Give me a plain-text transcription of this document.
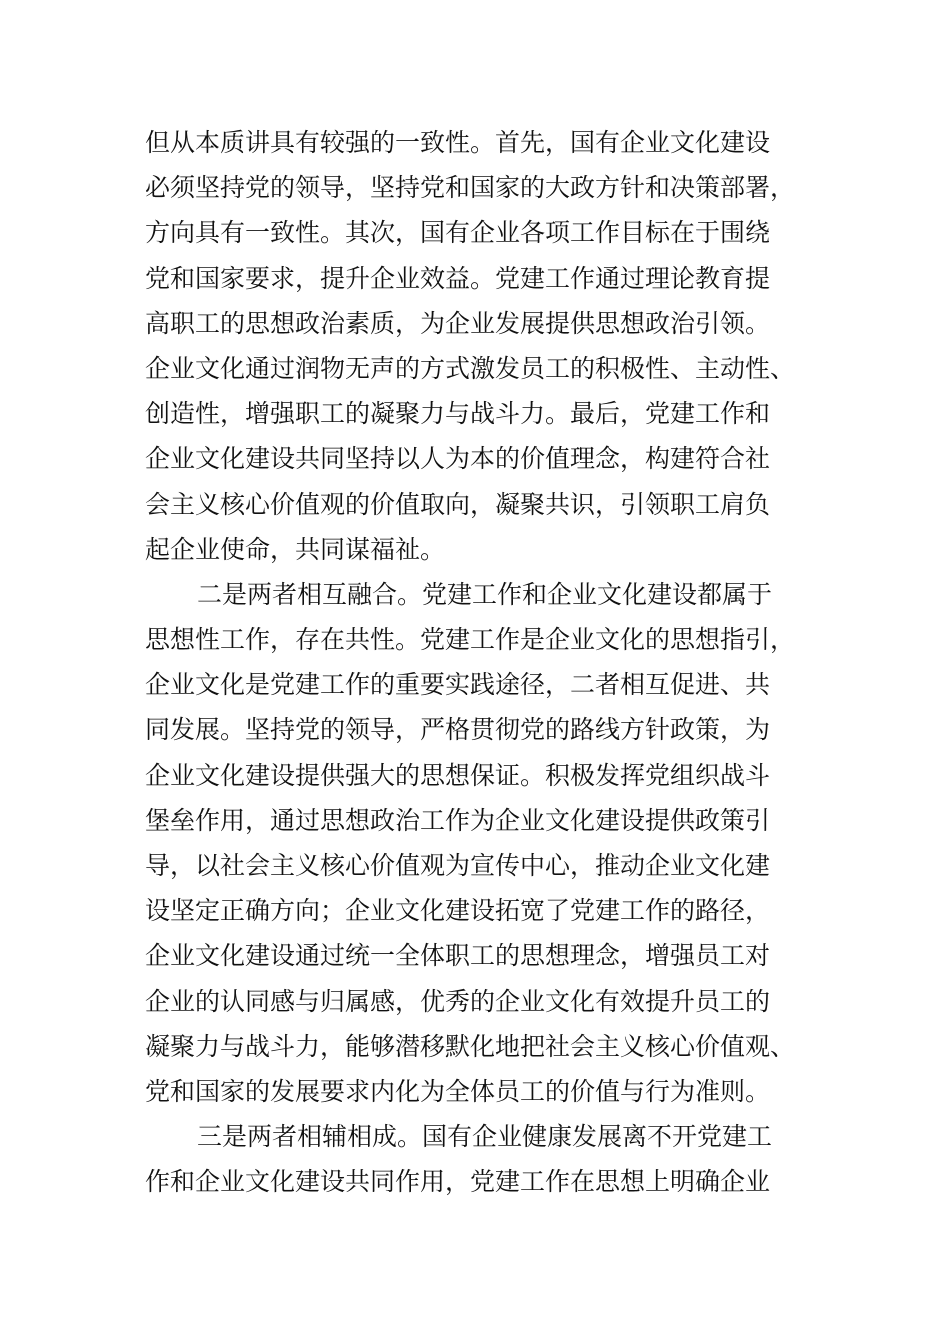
但从本质讲具有较强的一致性。首先，国有企业文化建设
必须坚持党的领导，坚持党和国家的大政方针和决策部署，
方向具有一致性。其次，国有企业各项工作目标在于围绕
党和国家要求，提升企业效益。党建工作通过理论教育提
高职工的思想政治素质，为企业发展提供思想政治引领。
企业文化通过润物无声的方式激发员工的积极性、主动性、
创造性，增强职工的凝聚力与战斗力。最后，党建工作和
企业文化建设共同坚持以人为本的价值理念，构建符合社
会主义核心价值观的价值取向，凝聚共识，引领职工肩负
起企业使命，共同谋福祉。
二是两者相互融合。党建工作和企业文化建设都属于
思想性工作，存在共性。党建工作是企业文化的思想指引，
企业文化是党建工作的重要实践途径，二者相互促进、共
同发展。坚持党的领导，严格贯彻党的路线方针政策，为
企业文化建设提供强大的思想保证。积极发挥党组织战斗
堡垒作用，通过思想政治工作为企业文化建设提供政策引
导，以社会主义核心价值观为宣传中心，推动企业文化建
设坚定正确方向；企业文化建设拓宽了党建工作的路径，
企业文化建设通过统一全体职工的思想理念，增强员工对
企业的认同感与归属感，优秀的企业文化有效提升员工的
凝聚力与战斗力，能够潜移默化地把社会主义核心价值观、
党和国家的发展要求内化为全体员工的价值与行为准则。
三是两者相辅相成。国有企业健康发展离不开党建工
作和企业文化建设共同作用，党建工作在思想上明确企业
